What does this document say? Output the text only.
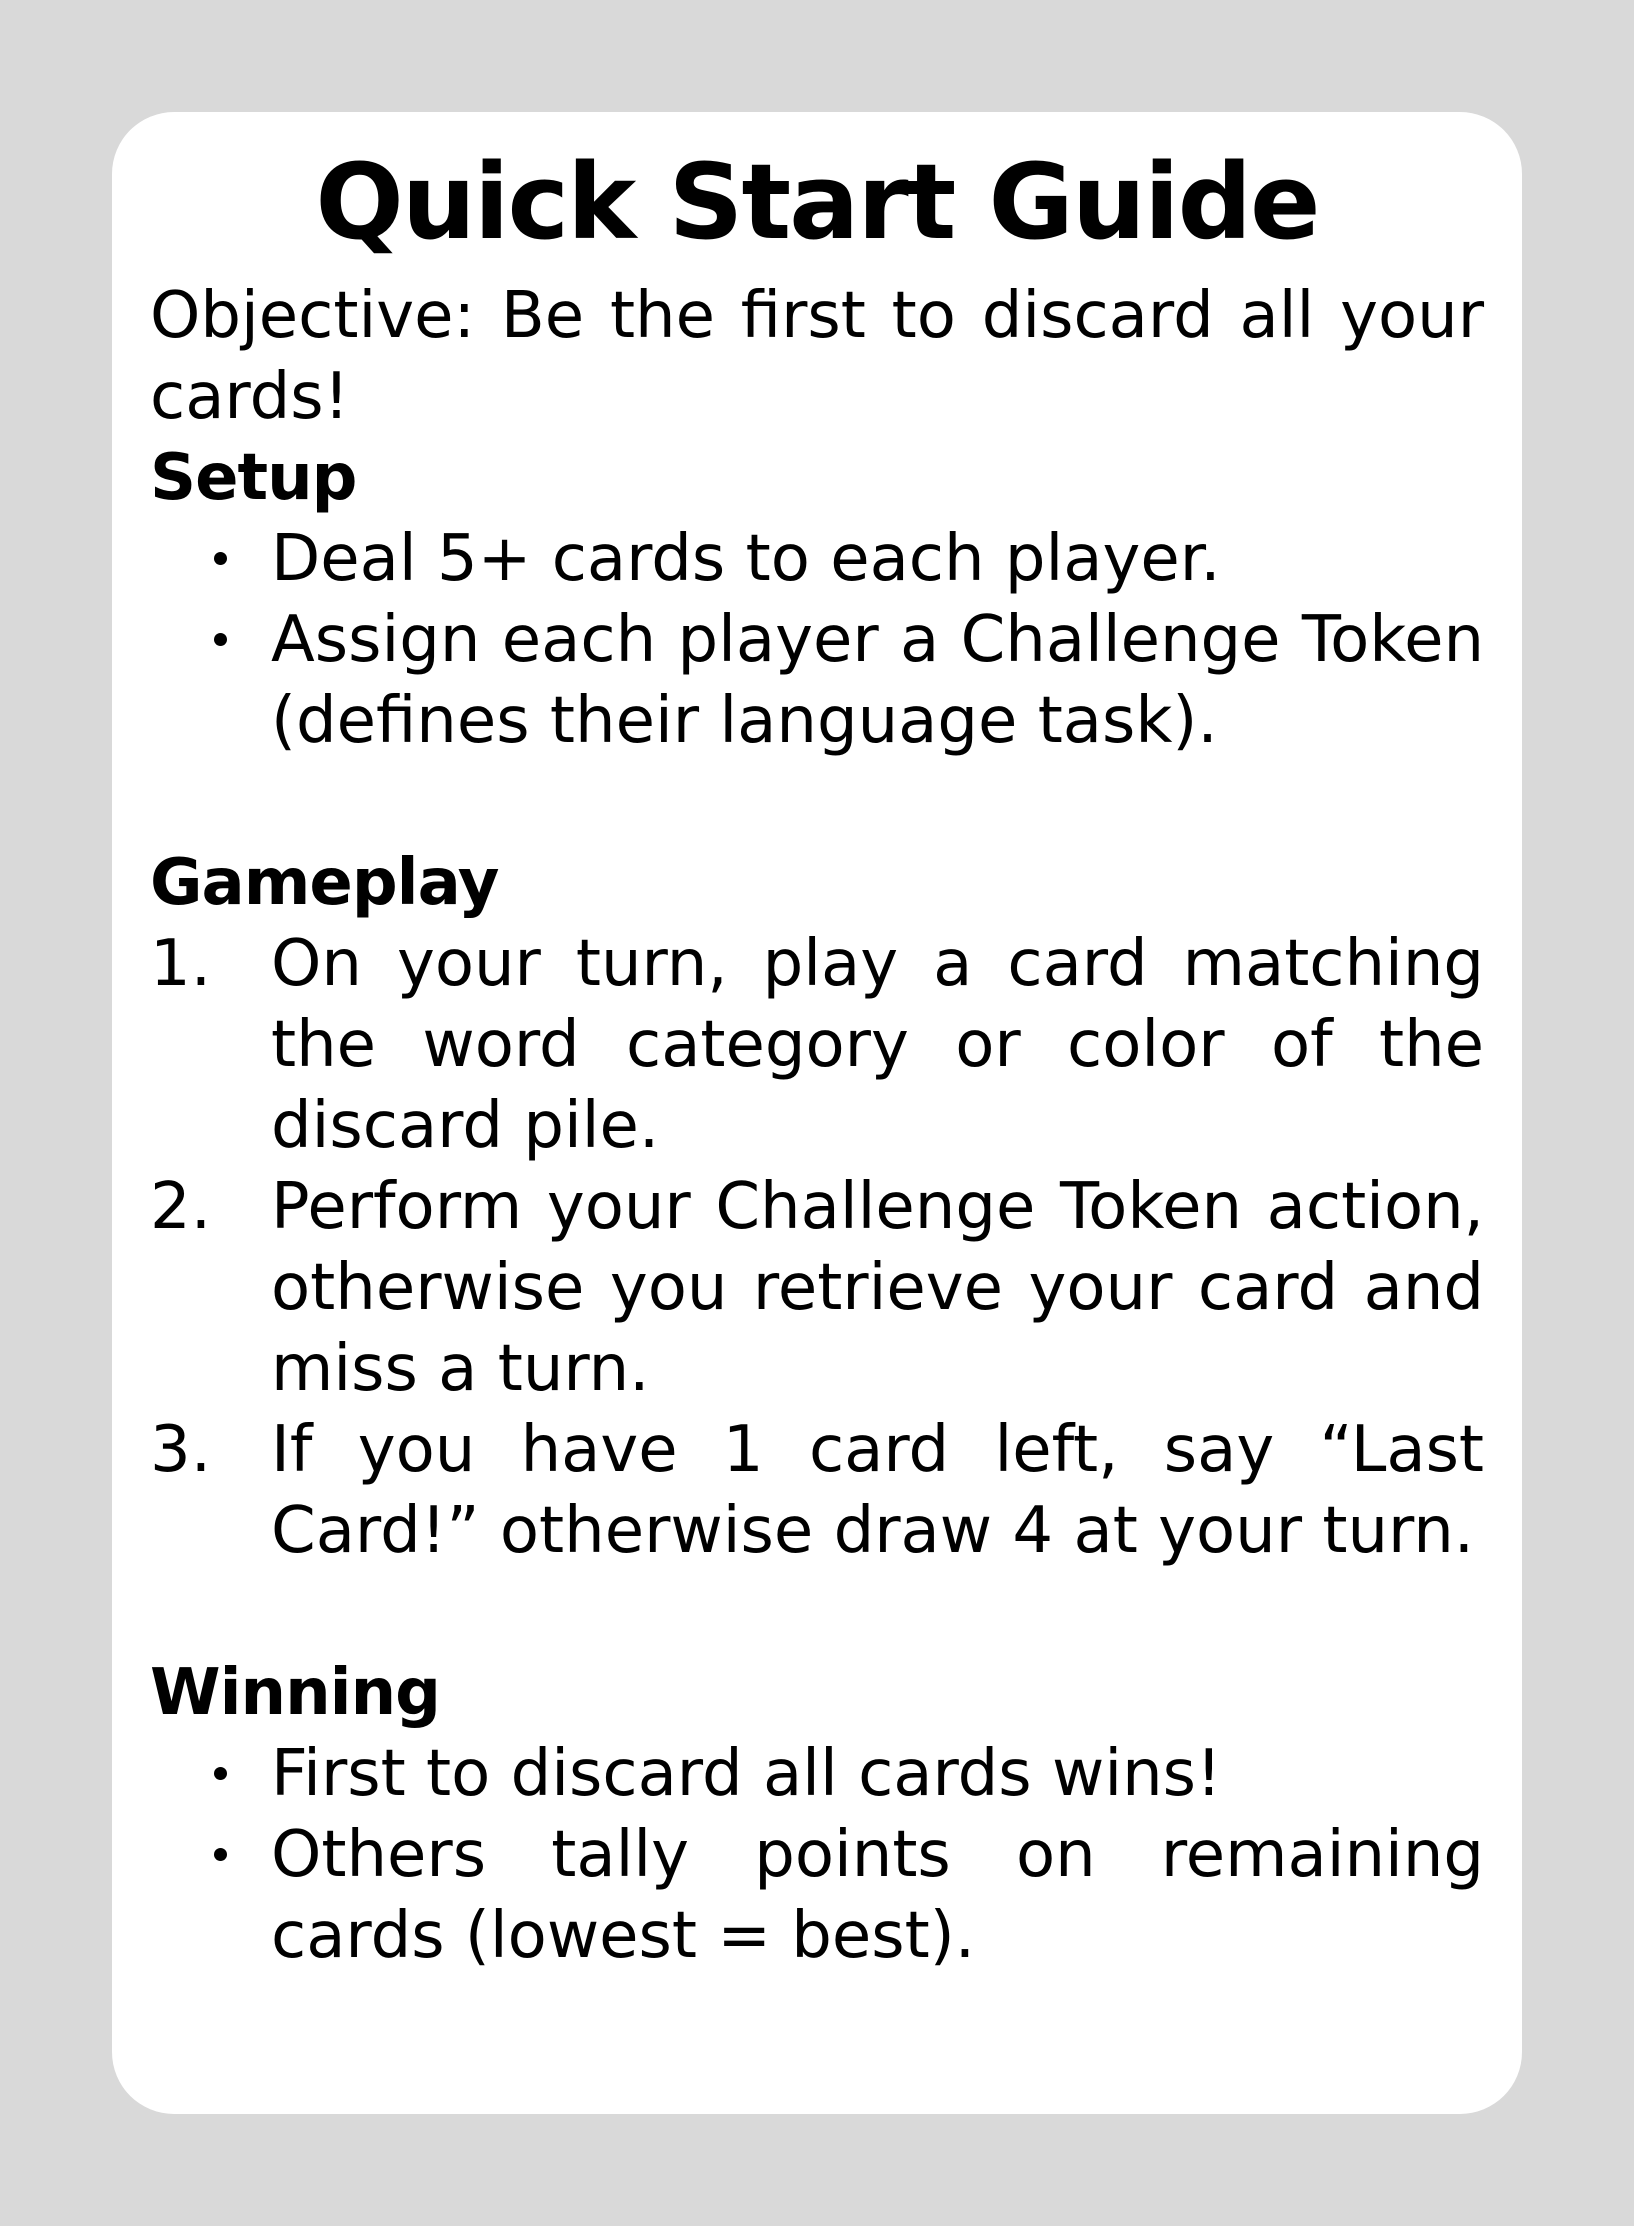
Quick Start Guide

Objective: Be the first to discard all your cards!

Setup
Deal 5+ cards to each player.
Assign each player a Challenge Token (defines their language task).
Gameplay
1. On your turn, play a card matching the word category or color of the discard pile.
2. Perform your Challenge Token action, otherwise you retrieve your card and miss a turn.
3. If you have 1 card left, say “Last Card!” otherwise draw 4 at your turn.
Winning
First to discard all cards wins!
Others tally points on remaining cards (lowest = best).
